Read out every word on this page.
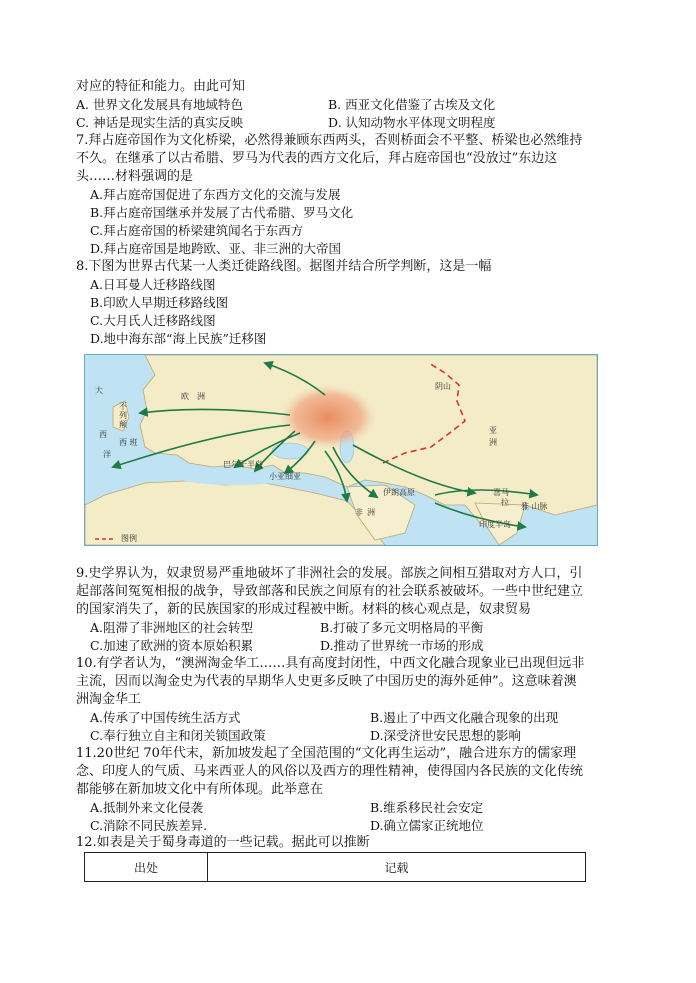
对应的特征和能力。由此可知
A. 世界文化发展具有地域特色	B. 西亚文化借鉴了古埃及文化
C. 神话是现实生活的真实反映	D. 认知动物水平体现文明程度
7.拜占庭帝国作为文化桥梁，必然得兼顾东西两头，否则桥面会不平整、桥梁也必然维持
不久。在继承了以古希腊、罗马为代表的西方文化后，拜占庭帝国也“没放过”东边这
头……材料强调的是
A.拜占庭帝国促进了东西方文化的交流与发展
B.拜占庭帝国继承并发展了古代希腊、罗马文化
C.拜占庭帝国的桥梁建筑闻名于东西方
D.拜占庭帝国是地跨欧、亚、非三洲的大帝国
8.下图为世界古代某一人类迁徙路线图。据图并结合所学判断，这是一幅
A.日耳曼人迁移路线图
B.印欧人早期迁移路线图
C.大月氏人迁移路线图
D.地中海东部“海上民族”迁移图
大
西
洋
不
列
颠
欧 洲
西 班
巴尔干半岛
小亚细亚
伊朗高原	喜马
拉 雅 山脉
印度半岛
亚
洲
非 洲
阴山
图例
9.史学界认为，奴隶贸易严重地破坏了非洲社会的发展。部族之间相互猎取对方人口，引
起部落间冤冤相报的战争，导致部落和民族之间原有的社会联系被破坏。一些中世纪建立
的国家消失了，新的民族国家的形成过程被中断。材料的核心观点是，奴隶贸易
A.阻滞了非洲地区的社会转型	B.打破了多元文明格局的平衡
C.加速了欧洲的资本原始积累	D.推动了世界统一市场的形成
10.有学者认为，“澳洲淘金华工……具有高度封闭性，中西文化融合现象业已出现但远非
主流，因而以淘金史为代表的早期华人史更多反映了中国历史的海外延伸”。这意味着澳
洲淘金华工
A.传承了中国传统生活方式	B.遏止了中西文化融合现象的出现
C.奉行独立自主和闭关锁国政策	D.深受济世安民思想的影响
11.20世纪 70年代末，新加坡发起了全国范围的“文化再生运动”，融合进东方的儒家理
念、印度人的气质、马来西亚人的风俗以及西方的理性精神，使得国内各民族的文化传统
都能够在新加坡文化中有所体现。此举意在
A.抵制外来文化侵袭	B.维系移民社会安定
C.消除不同民族差异.	D.确立儒家正统地位
12.如表是关于蜀身毒道的一些记载。据此可以推断
出处	记载
